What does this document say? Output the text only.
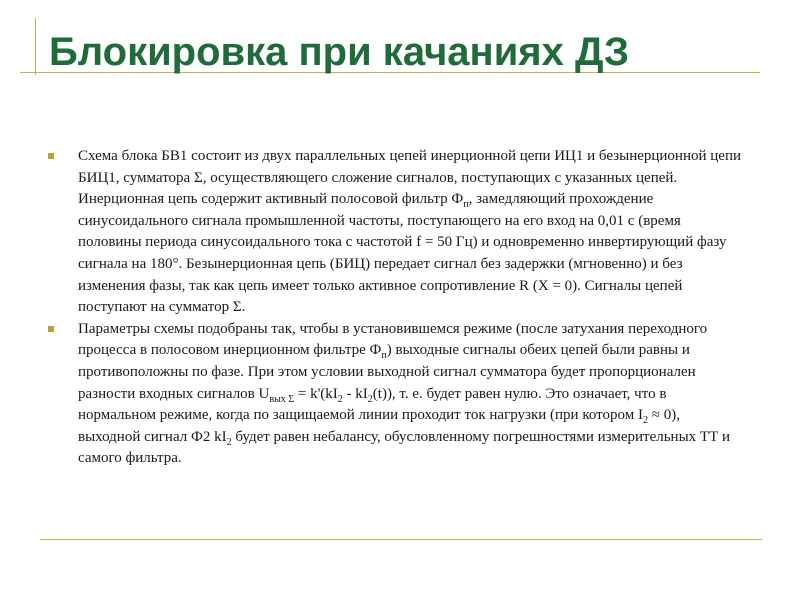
Блокировка при качаниях ДЗ
Схема блока БВ1 состоит из двух параллельных цепей инерционной цепи ИЦ1 и безынерционной цепи БИЦ1, сумматора Σ, осуществляющего сложение сигналов, поступающих с указанных цепей. Инерционная цепь содержит активный полосовой фильтр $Ф_п$, замедляющий прохождение синусоидального сигнала промышленной частоты, поступающего на его вход на 0,01 с (время половины периода синусоидального тока с частотой f = 50 Гц) и одновременно инвертирующий фазу сигнала на 180°. Безынерционная цепь (БИЦ) передает сигнал без задержки (мгновенно) и без изменения фазы, так как цепь имеет только активное сопротивление R (X = 0). Сигналы цепей поступают на сумматор Σ.
Параметры схемы подобраны так, чтобы в установившемся режиме (после затухания переходного процесса в полосовом инерционном фильтре $Ф_п$) выходные сигналы обеих цепей были равны и противоположны по фазе. При этом условии выходной сигнал сумматора будет пропорционален разности входных сигналов $U_{вых \Sigma} = k'(kI_2 - kI_2(t))$, т. е. будет равен нулю. Это означает, что в нормальном режиме, когда по защищаемой линии проходит ток нагрузки (при котором $I_2 \approx 0$), выходной сигнал Ф2 $kI_2$ будет равен небалансу, обусловленному погрешностями измерительных ТТ и самого фильтра.
